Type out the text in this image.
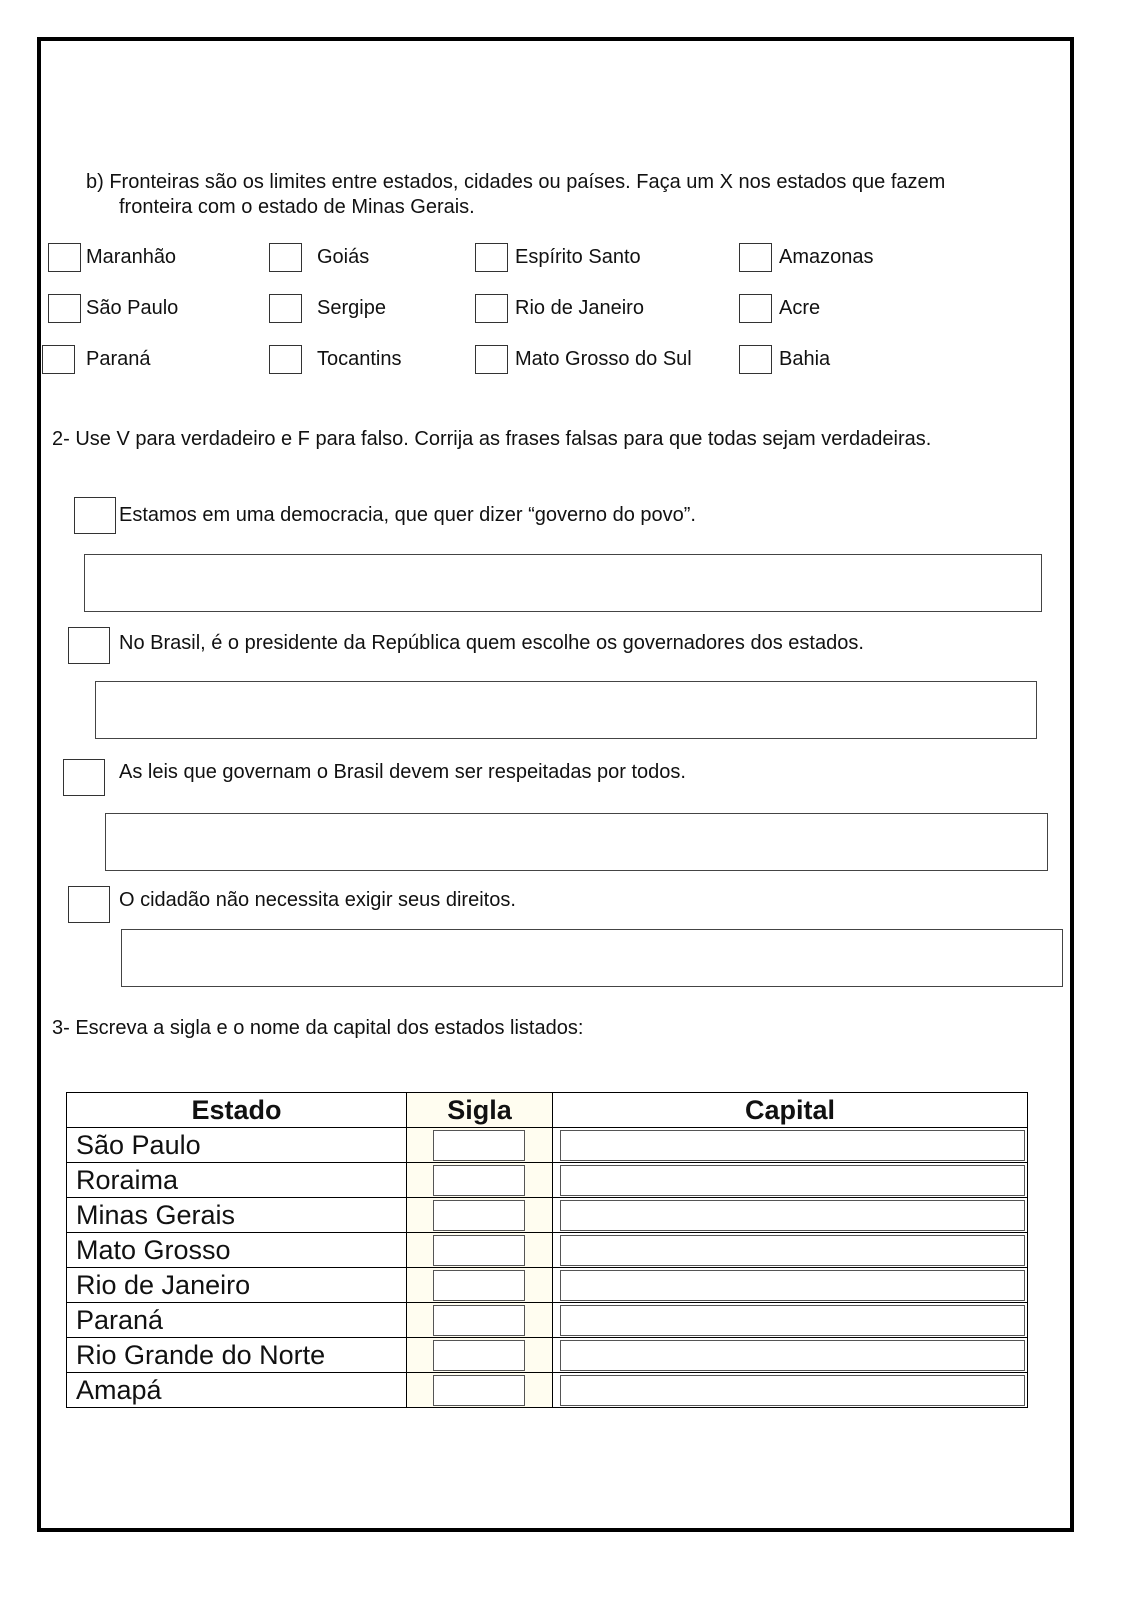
b) Fronteiras são os limites entre estados, cidades ou países. Faça um X nos estados que fazem
fronteira com o estado de Minas Gerais.
Maranhão	Goiás	Espírito Santo	Amazonas
São Paulo	Sergipe	Rio de Janeiro	Acre
Paraná	Tocantins	Mato Grosso do Sul	Bahia
2- Use V para verdadeiro e F para falso. Corrija as frases falsas para que todas sejam verdadeiras.
Estamos em uma democracia, que quer dizer “governo do povo”.
No Brasil, é o presidente da República quem escolhe os governadores dos estados.
As leis que governam o Brasil devem ser respeitadas por todos.
O cidadão não necessita exigir seus direitos.
3- Escreva a sigla e o nome da capital dos estados listados:
Estado	Sigla	Capital
São Paulo	

Roraima	

Minas Gerais	

Mato Grosso	

Rio de Janeiro	

Paraná	

Rio Grande do Norte	

Amapá	
